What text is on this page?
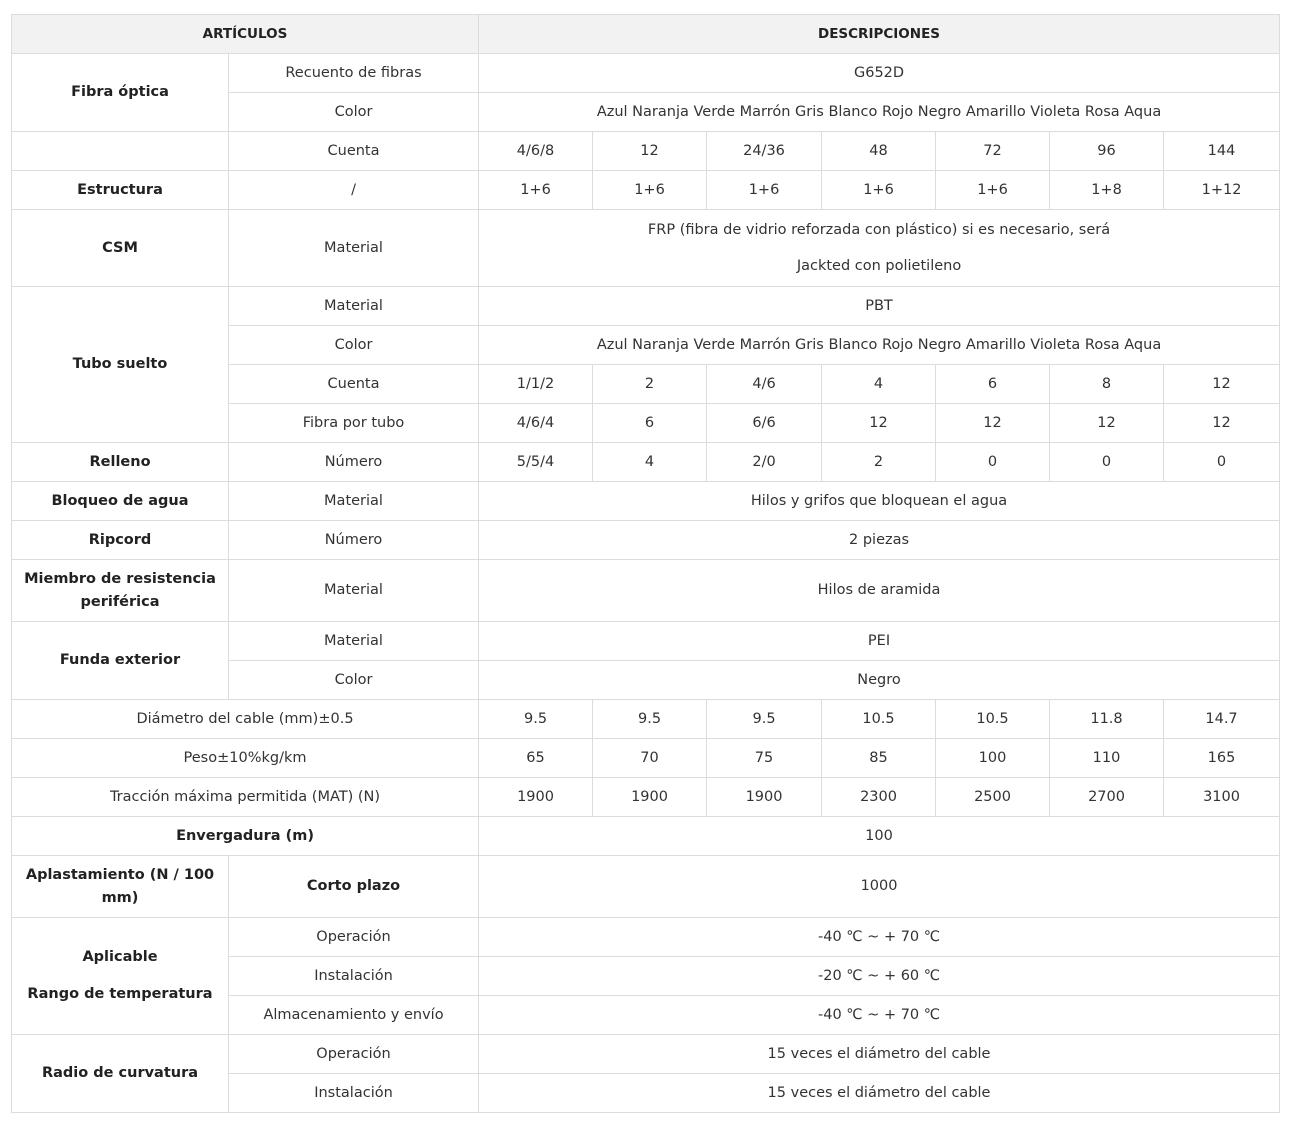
ARTÍCULOS		DESCRIPCIONES						
Fibra óptica	Recuento de fibras	G652D						
	Color	Azul Naranja Verde Marrón Gris Blanco Rojo Negro Amarillo Violeta Rosa Aqua						
	Cuenta	4/6/8	12	24/36	48	72	96	144
Estructura	/	1+6	1+6	1+6	1+6	1+6	1+8	1+12
CSM	Material	FRP (fibra de vidrio reforzada con plástico) si es necesario, será
Jackted con polietileno						

Tubo suelto	Material	PBT						
	Color	Azul Naranja Verde Marrón Gris Blanco Rojo Negro Amarillo Violeta Rosa Aqua						
	Cuenta	1/1/2	2	4/6	4	6	8	12
	Fibra por tubo	4/6/4	6	6/6	12	12	12	12
Relleno	Número	5/5/4	4	2/0	2	0	0	0
Bloqueo de agua	Material	Hilos y grifos que bloquean el agua						
Ripcord	Número	2 piezas						
Miembro de resistencia periférica	Material	Hilos de aramida						
Funda exterior	Material	PEI						
	Color	Negro						
Diámetro del cable (mm)±0.5		9.5	9.5	9.5	10.5	10.5	11.8	14.7
Peso±10%kg/km		65	70	75	85	100	110	165
Tracción máxima permitida (MAT) (N)		1900	1900	1900	2300	2500	2700	3100
Envergadura (m)		100						
Aplastamiento (N / 100 mm)	Corto plazo	1000						

Aplicable
Rango de temperatura	Operación	-40 ℃ ~ + 70 ℃						
	Instalación	-20 ℃ ~ + 60 ℃						
	Almacenamiento y envío	-40 ℃ ~ + 70 ℃						
Radio de curvatura	Operación	15 veces el diámetro del cable						
	Instalación	15 veces el diámetro del cable						
